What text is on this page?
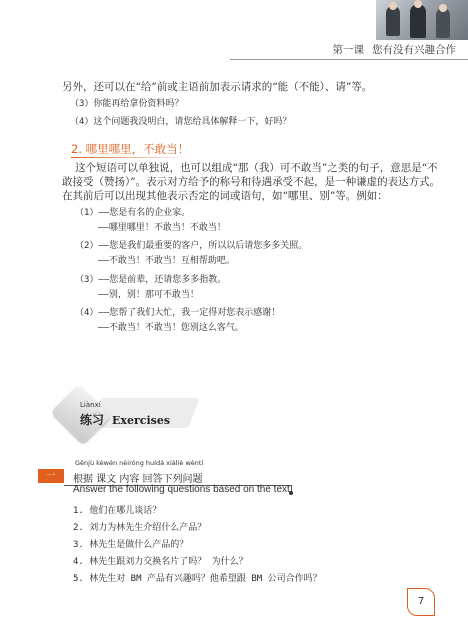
第一课 您有没有兴趣合作
另外，还可以在“给”前或主语前加表示请求的“能（不能）、请”等。
（3）你能再给拿份资料吗？
（4）这个问题我没明白，请您给具体解释一下，好吗？
2. 哪里哪里，不敢当！
这个短语可以单独说，也可以组成“那（我）可不敢当”之类的句子，意思是“不
敢接受（赞扬）”。表示对方给予的称号和待遇承受不起，是一种谦虚的表达方式。
在其前后可以出现其他表示否定的词或语句，如“哪里、别”等。例如：
（1）——您是有名的企业家。
——哪里哪里！不敢当！不敢当！
（2）——您是我们最重要的客户，所以以后请您多多关照。
——不敢当！不敢当！互相帮助吧。
（3）——您是前辈，还请您多多指教。
——别，别！那可不敢当！
（4）——您帮了我们大忙，我一定得对您表示感谢！
——不敢当！不敢当！您别这么客气。
Liànxí
练习 Exercises
Gēnjù kèwén nèiróng huídá xiàliè wèntí
一	根据 课文 内容 回答下列问题
Answer the following questions based on the text
1. 他们在哪儿谈话？
2. 刘力为林先生介绍什么产品？
3. 林先生是做什么产品的？
4. 林先生跟刘力交换名片了吗？ 为什么？
5. 林先生对 BM 产品有兴趣吗？他希望跟 BM 公司合作吗？
7
